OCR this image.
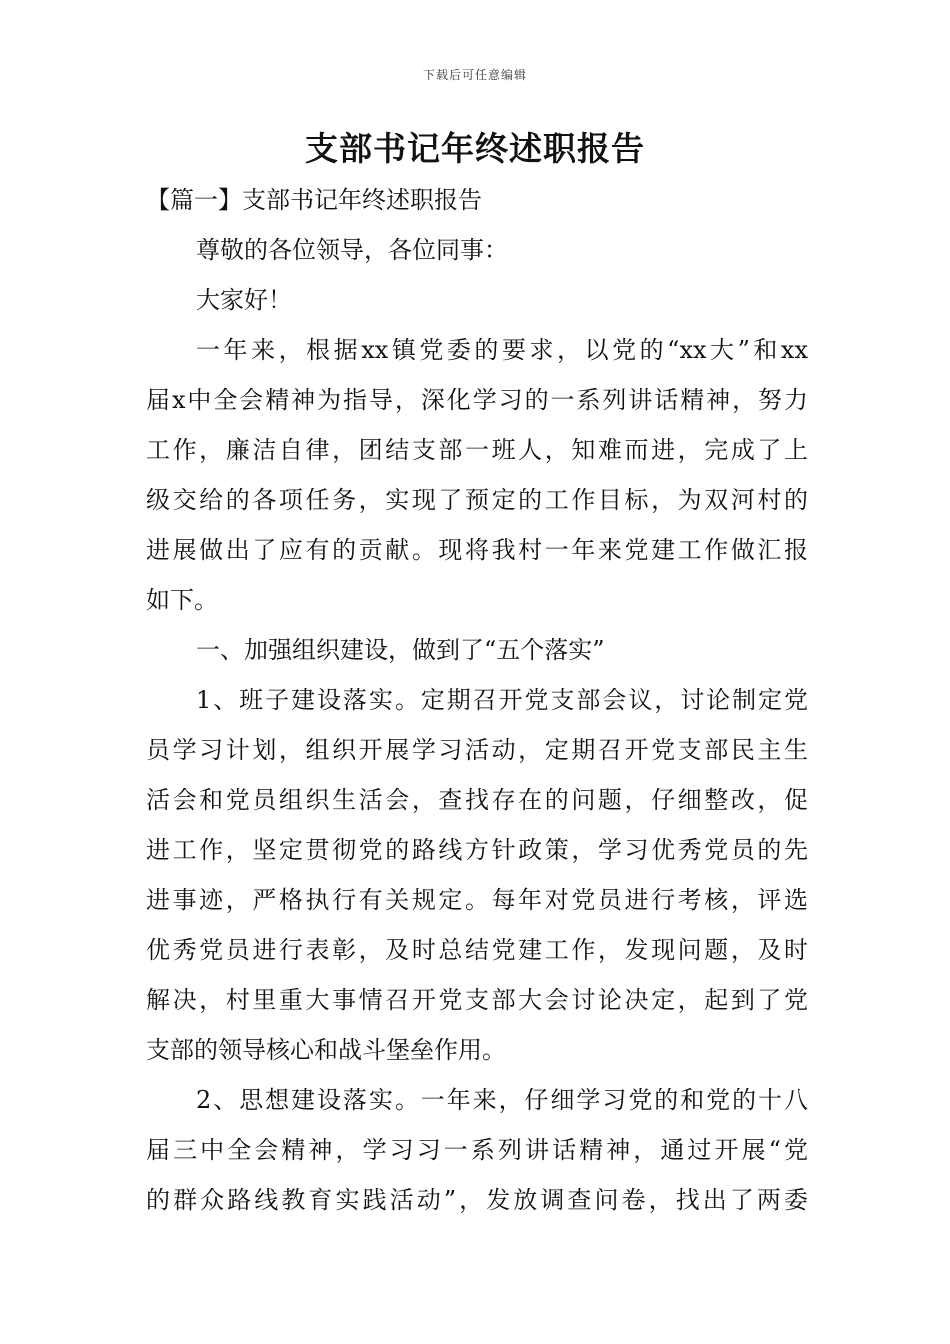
下载后可任意编辑
支部书记年终述职报告
【篇一】支部书记年终述职报告
尊敬的各位领导，各位同事：
大家好！
一年来，根据xx镇党委的要求，以党的“xx大”和xx
届x中全会精神为指导，深化学习的一系列讲话精神，努力
工作，廉洁自律，团结支部一班人，知难而进，完成了上
级交给的各项任务，实现了预定的工作目标，为双河村的
进展做出了应有的贡献。现将我村一年来党建工作做汇报
如下。
一、加强组织建设，做到了“五个落实”
1、班子建设落实。定期召开党支部会议，讨论制定党
员学习计划，组织开展学习活动，定期召开党支部民主生
活会和党员组织生活会，查找存在的问题，仔细整改，促
进工作，坚定贯彻党的路线方针政策，学习优秀党员的先
进事迹，严格执行有关规定。每年对党员进行考核，评选
优秀党员进行表彰，及时总结党建工作，发现问题，及时
解决，村里重大事情召开党支部大会讨论决定，起到了党
支部的领导核心和战斗堡垒作用。
2、思想建设落实。一年来，仔细学习党的和党的十八
届三中全会精神，学习习一系列讲话精神，通过开展“党
的群众路线教育实践活动”，发放调查问卷，找出了两委
